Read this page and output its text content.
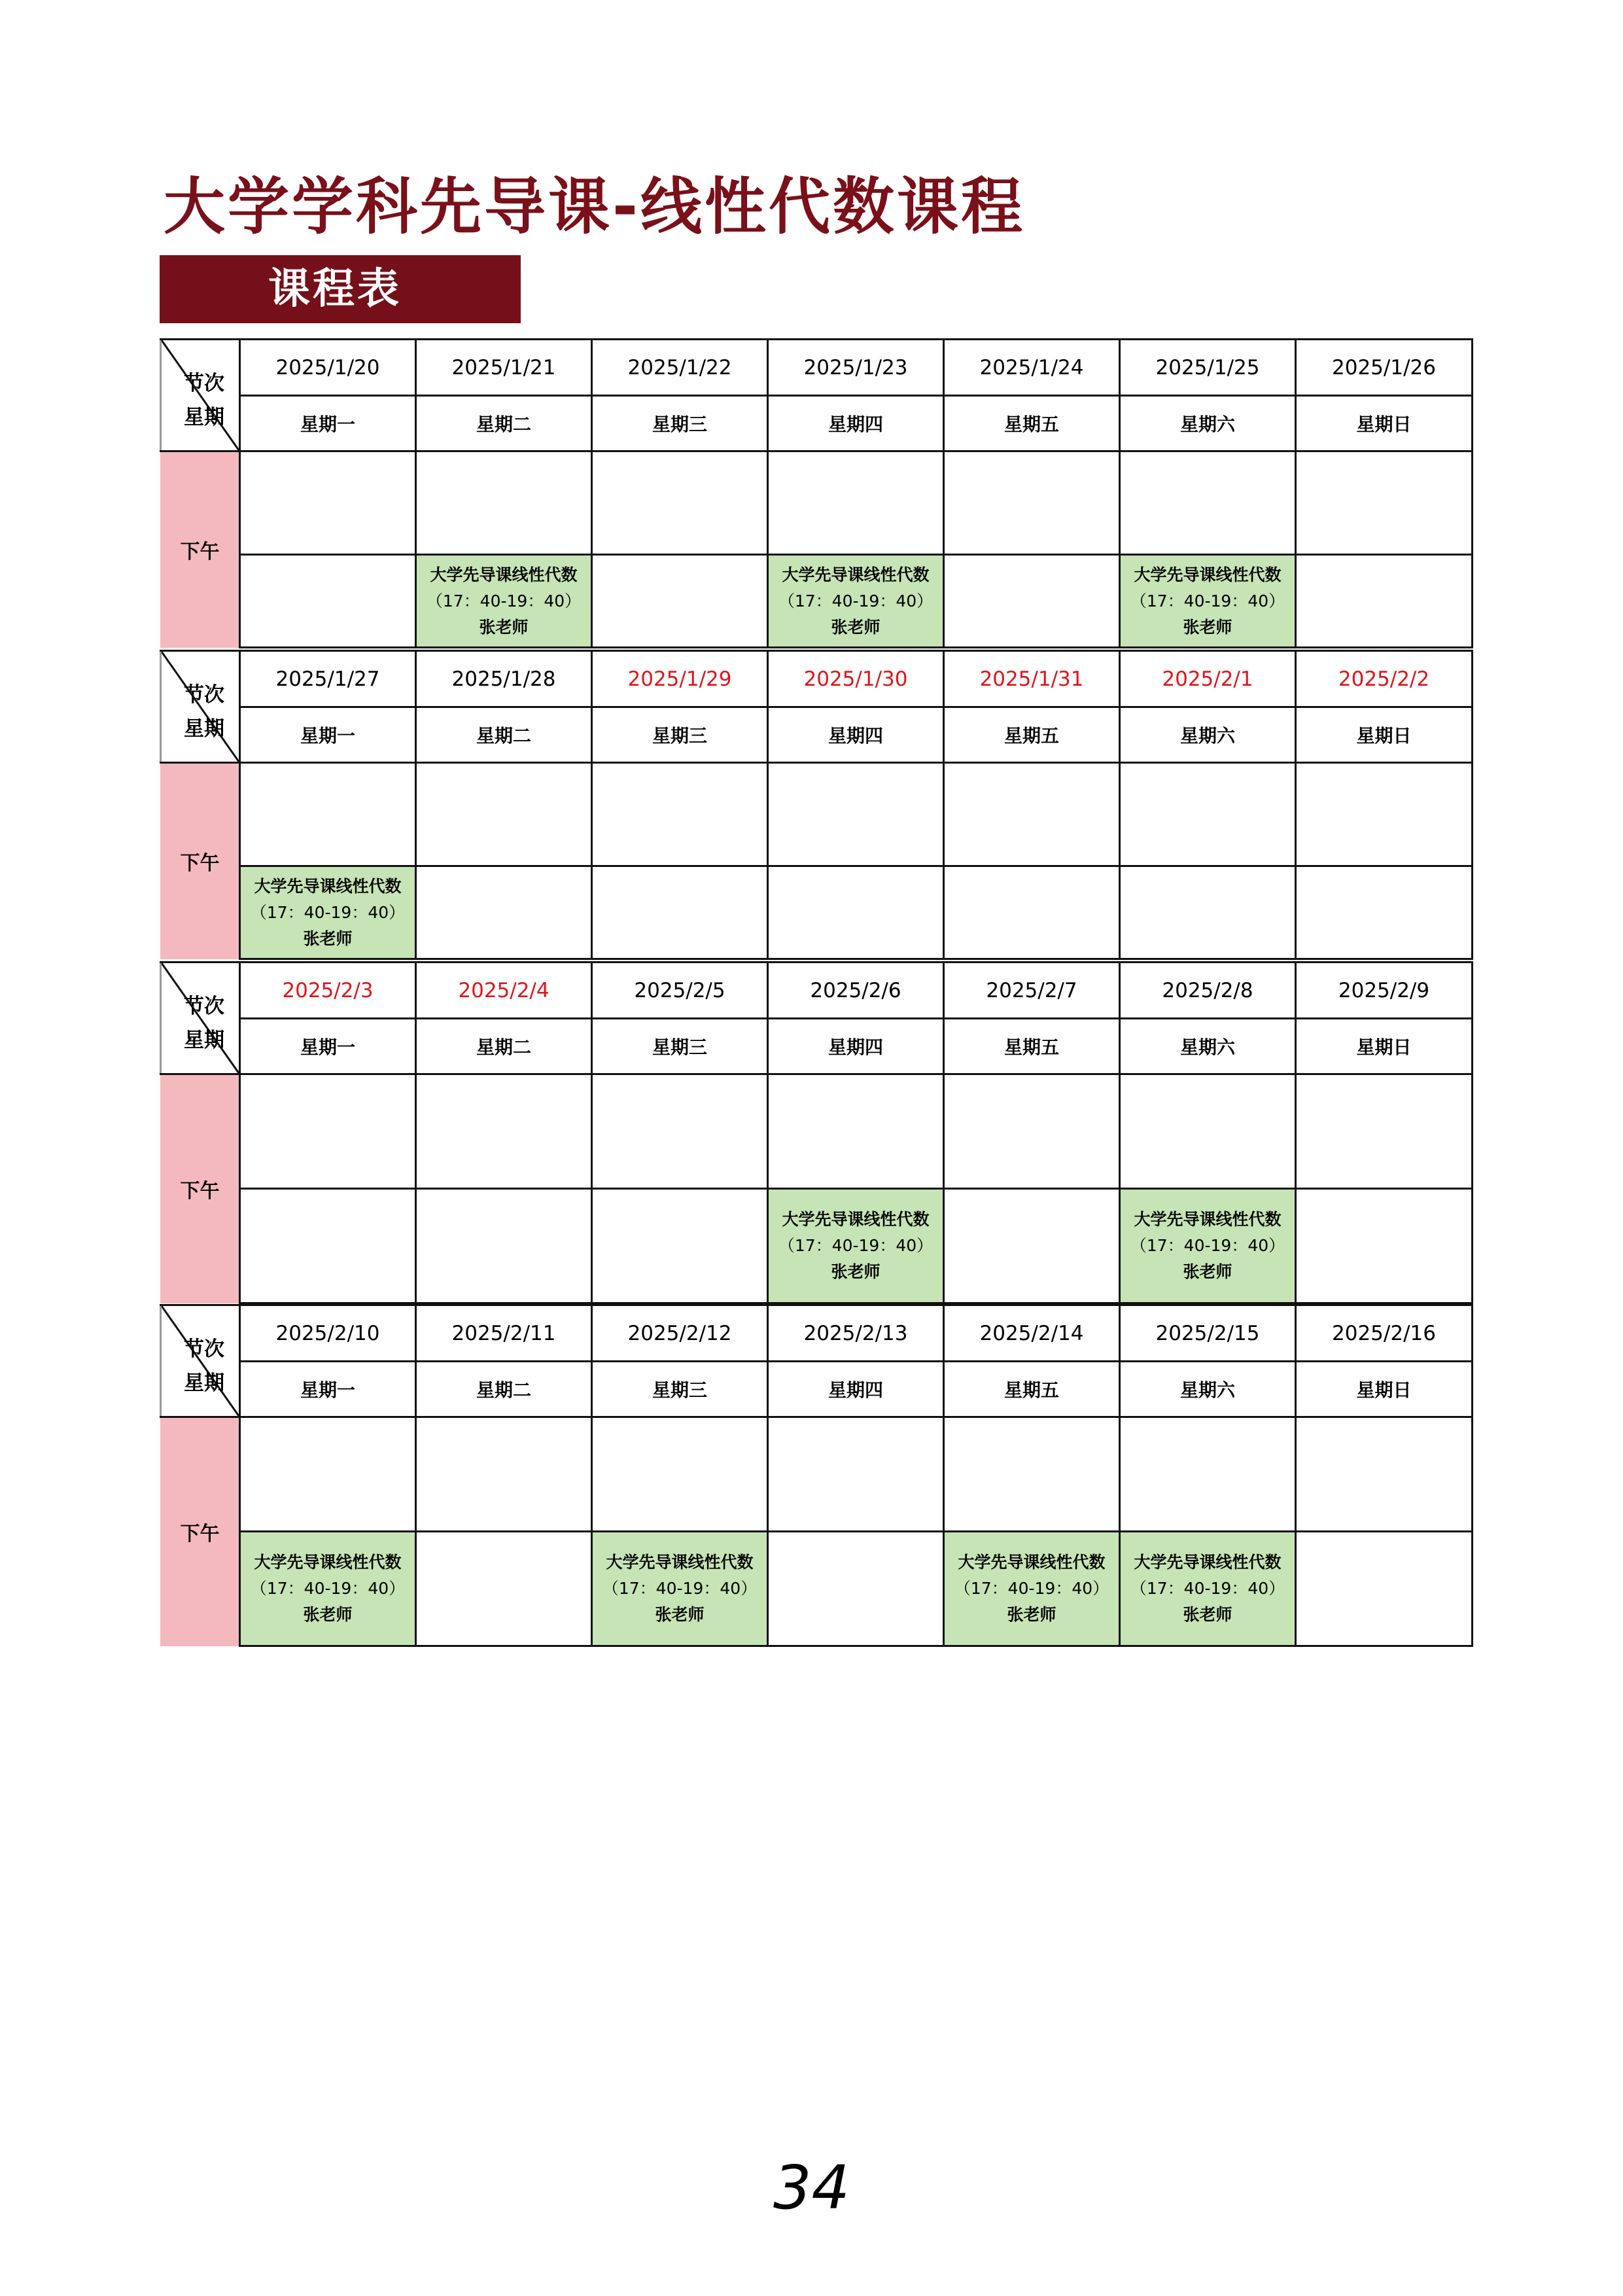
大学学科先导课-线性代数课程
课程表
节次
星期	2025/1/20	2025/1/21	2025/1/22	2025/1/23	2025/1/24	2025/1/25	2025/1/26
	星期一	星期二	星期三	星期四	星期五	星期六	星期日
下午							

		大学先导课线性代数
（17：40-19：40）
张老师		大学先导课线性代数
（17：40-19：40）
张老师		大学先导课线性代数
（17：40-19：40）
张老师	

节次
星期	2025/1/27	2025/1/28	2025/1/29	2025/1/30	2025/1/31	2025/2/1	2025/2/2
	星期一	星期二	星期三	星期四	星期五	星期六	星期日
下午							

	大学先导课线性代数
（17：40-19：40）
张老师						

节次
星期	2025/2/3	2025/2/4	2025/2/5	2025/2/6	2025/2/7	2025/2/8	2025/2/9
	星期一	星期二	星期三	星期四	星期五	星期六	星期日
下午							

				大学先导课线性代数
（17：40-19：40）
张老师		大学先导课线性代数
（17：40-19：40）
张老师	

节次
星期	2025/2/10	2025/2/11	2025/2/12	2025/2/13	2025/2/14	2025/2/15	2025/2/16
	星期一	星期二	星期三	星期四	星期五	星期六	星期日
下午							

	大学先导课线性代数
（17：40-19：40）
张老师		大学先导课线性代数
（17：40-19：40）
张老师		大学先导课线性代数
（17：40-19：40）
张老师	大学先导课线性代数
（17：40-19：40）
张老师	

34
